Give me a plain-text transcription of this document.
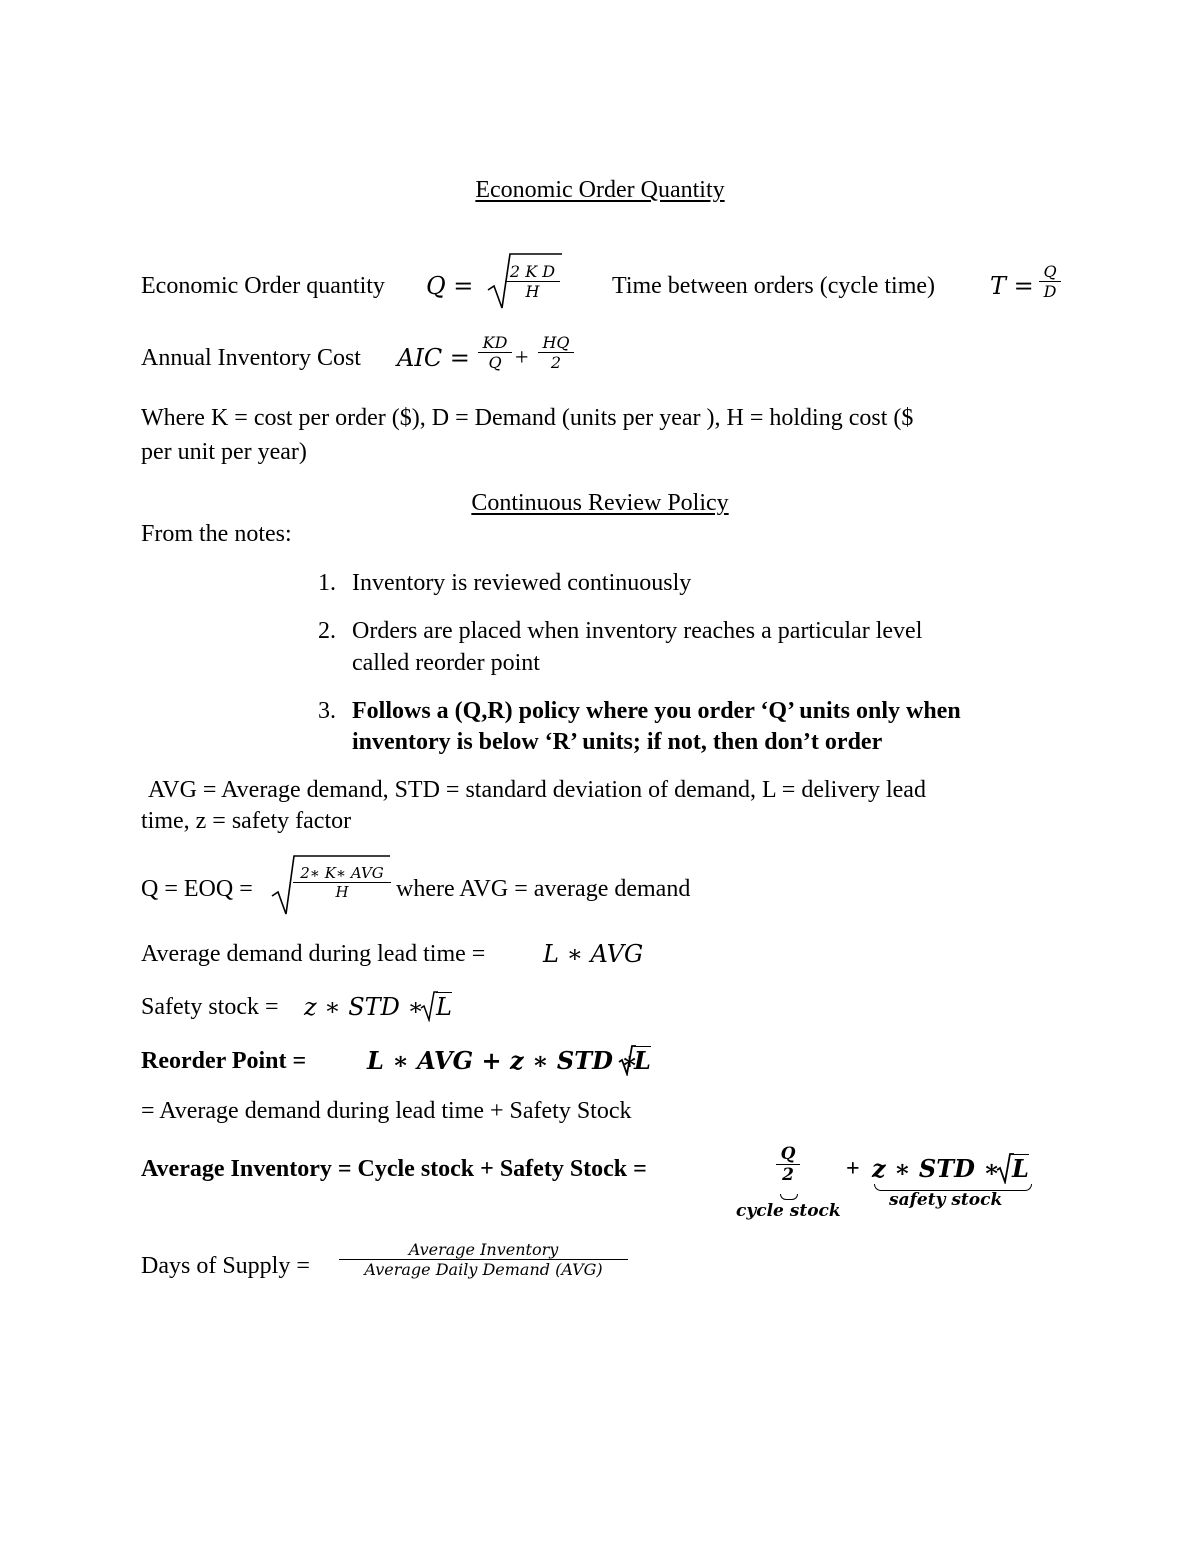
Economic Order Quantity
Economic Order quantity Q =
2 K D
H	Time between orders (cycle time) T =
Q
D
Annual Inventory Cost AIC =
KD
Q +
HQ
2
Where K = cost per order ($), D = Demand (units per year ), H = holding cost ($
per unit per year)
Continuous Review Policy
From the notes:
1. Inventory is reviewed continuously
2. Orders are placed when inventory reaches a particular level
called reorder point
3. Follows a (Q,R) policy where you order ‘Q’ units only when
inventory is below ‘R’ units; if not, then don’t order
AVG = Average demand, STD = standard deviation of demand, L = delivery lead
time, z = safety factor
Q = EOQ =
2∗ K∗ AVG
H	where AVG = average demand
Average demand during lead time = L ∗ AVG
Safety stock = z ∗ STD ∗ L
Reorder Point =	L ∗ AVG + z ∗ STD ∗
L
= Average demand during lead time + Safety Stock
Average Inventory = Cycle stock + Safety Stock =
Q
2
cycle stock
+ z ∗ STD ∗ L
safety stock
Days of Supply =
Average Inventory
Average Daily Demand (AVG)
